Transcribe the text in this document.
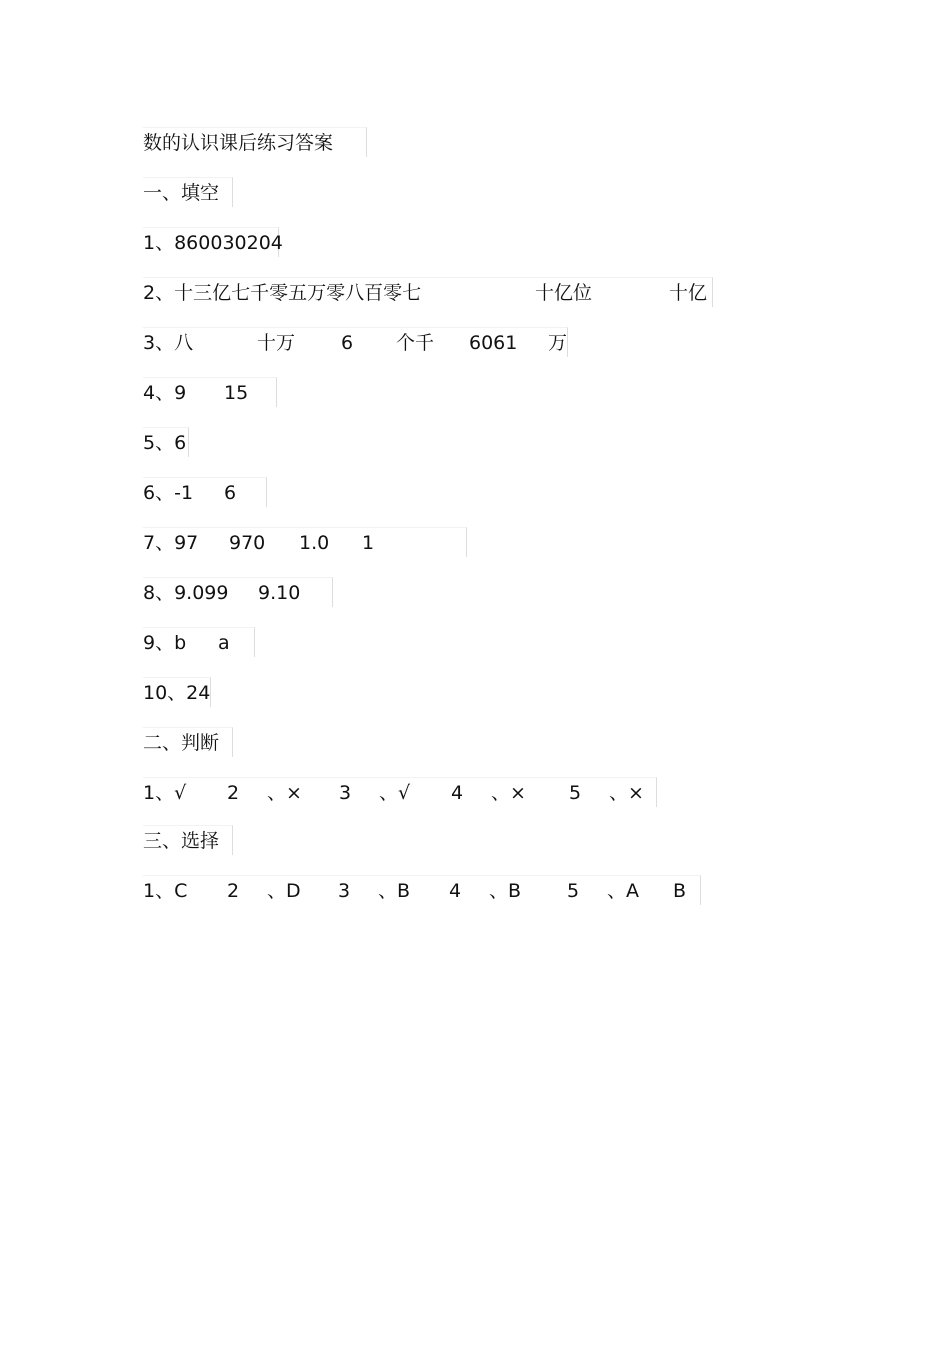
数的认识课后练习答案
一、填空
1、860030204
2、十三亿七千零五万零八百零七	十亿位	十亿
3、八	十万 6 个千 6061 万
4、9 15
5、6
6、-1 6
7、97 970 1.0 1
8、9.099 9.10
9、b a
10、24
二、判断
1、√ 2 、× 3 、√ 4 、× 5 、×
三、选择
1、C 2 、D 3 、B 4 、B 5 、A B
